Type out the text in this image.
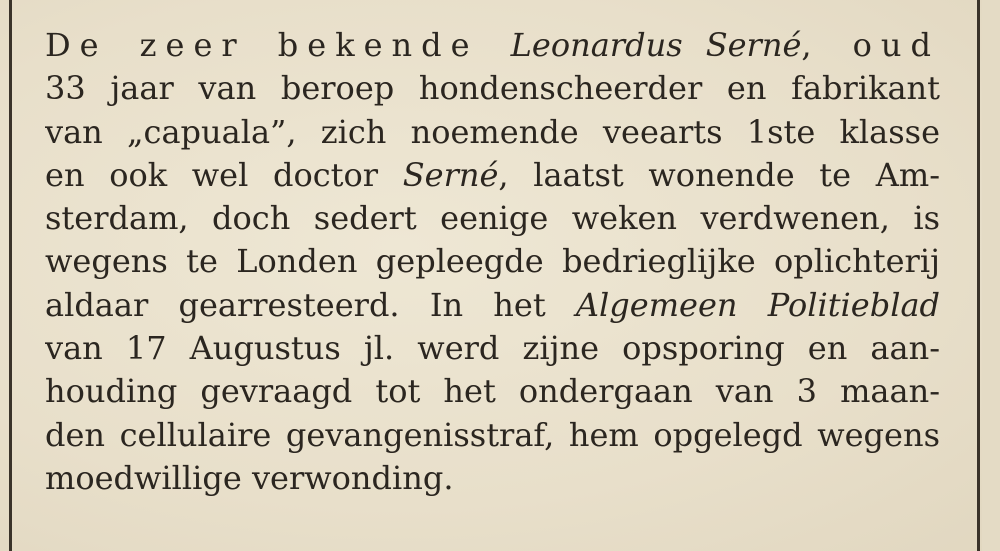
De zeer bekende Leonardus Serné, oud
33 jaar van beroep hondenscheerder en fabrikant
van „capuala”, zich noemende veearts 1ste klasse
en ook wel doctor Serné, laatst wonende te Am-
sterdam, doch sedert eenige weken verdwenen, is
wegens te Londen gepleegde bedrieglijke oplichterij
aldaar gearresteerd. In het Algemeen Politieblad
van 17 Augustus jl. werd zijne opsporing en aan-
houding gevraagd tot het ondergaan van 3 maan-
den cellulaire gevangenisstraf, hem opgelegd wegens
moedwillige verwonding.
